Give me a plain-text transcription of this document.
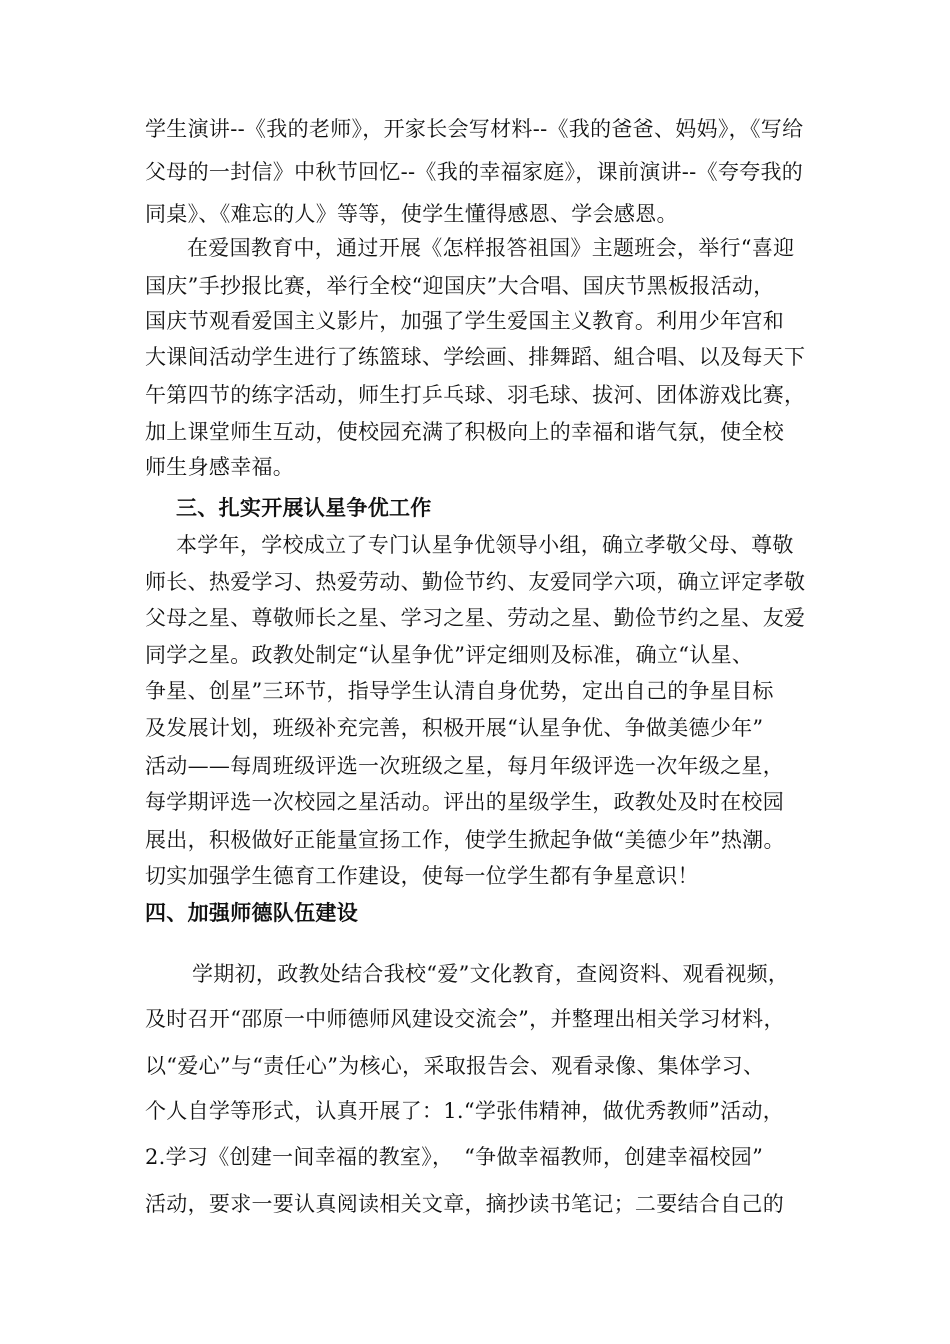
学生演讲--《我的老师》，开家长会写材料--《我的爸爸、妈妈》，《写给
父母的一封信》中秋节回忆--《我的幸福家庭》，课前演讲--《夸夸我的
同桌》、《难忘的人》等等，使学生懂得感恩、学会感恩。
在爱国教育中，通过开展《怎样报答祖国》主题班会，举行“喜迎
国庆”手抄报比赛，举行全校“迎国庆”大合唱、国庆节黑板报活动，
国庆节观看爱国主义影片，加强了学生爱国主义教育。利用少年宫和
大课间活动学生进行了练篮球、学绘画、排舞蹈、組合唱、以及每天下
午第四节的练字活动，师生打乒乓球、羽毛球、拔河、团体游戏比赛，
加上课堂师生互动，使校园充满了积极向上的幸福和谐气氛，使全校
师生身感幸福。
三、扎实开展认星争优工作
本学年，学校成立了专门认星争优领导小组，确立孝敬父母、尊敬
师长、热爱学习、热爱劳动、勤俭节约、友爱同学六项，确立评定孝敬
父母之星、尊敬师长之星、学习之星、劳动之星、勤俭节约之星、友爱
同学之星。政教处制定“认星争优”评定细则及标准，确立“认星、
争星、创星”三环节，指导学生认清自身优势，定出自己的争星目标
及发展计划，班级补充完善，积极开展“认星争优、争做美德少年”
活动——每周班级评选一次班级之星，每月年级评选一次年级之星，
每学期评选一次校园之星活动。评出的星级学生，政教处及时在校园
展出，积极做好正能量宣扬工作，使学生掀起争做“美德少年”热潮。
切实加强学生德育工作建设，使每一位学生都有争星意识！
四、加强师德队伍建设
学期初，政教处结合我校“爱”文化教育，查阅资料、观看视频，
及时召开“邵原一中师德师风建设交流会”，并整理出相关学习材料，
以“爱心”与“责任心”为核心，采取报告会、观看录像、集体学习、
个人自学等形式，认真开展了：1.“学张伟精神，做优秀教师”活动，
2.学习《创建一间幸福的教室》，　“争做幸福教师，创建幸福校园”
活动，要求一要认真阅读相关文章，摘抄读书笔记；二要结合自己的
